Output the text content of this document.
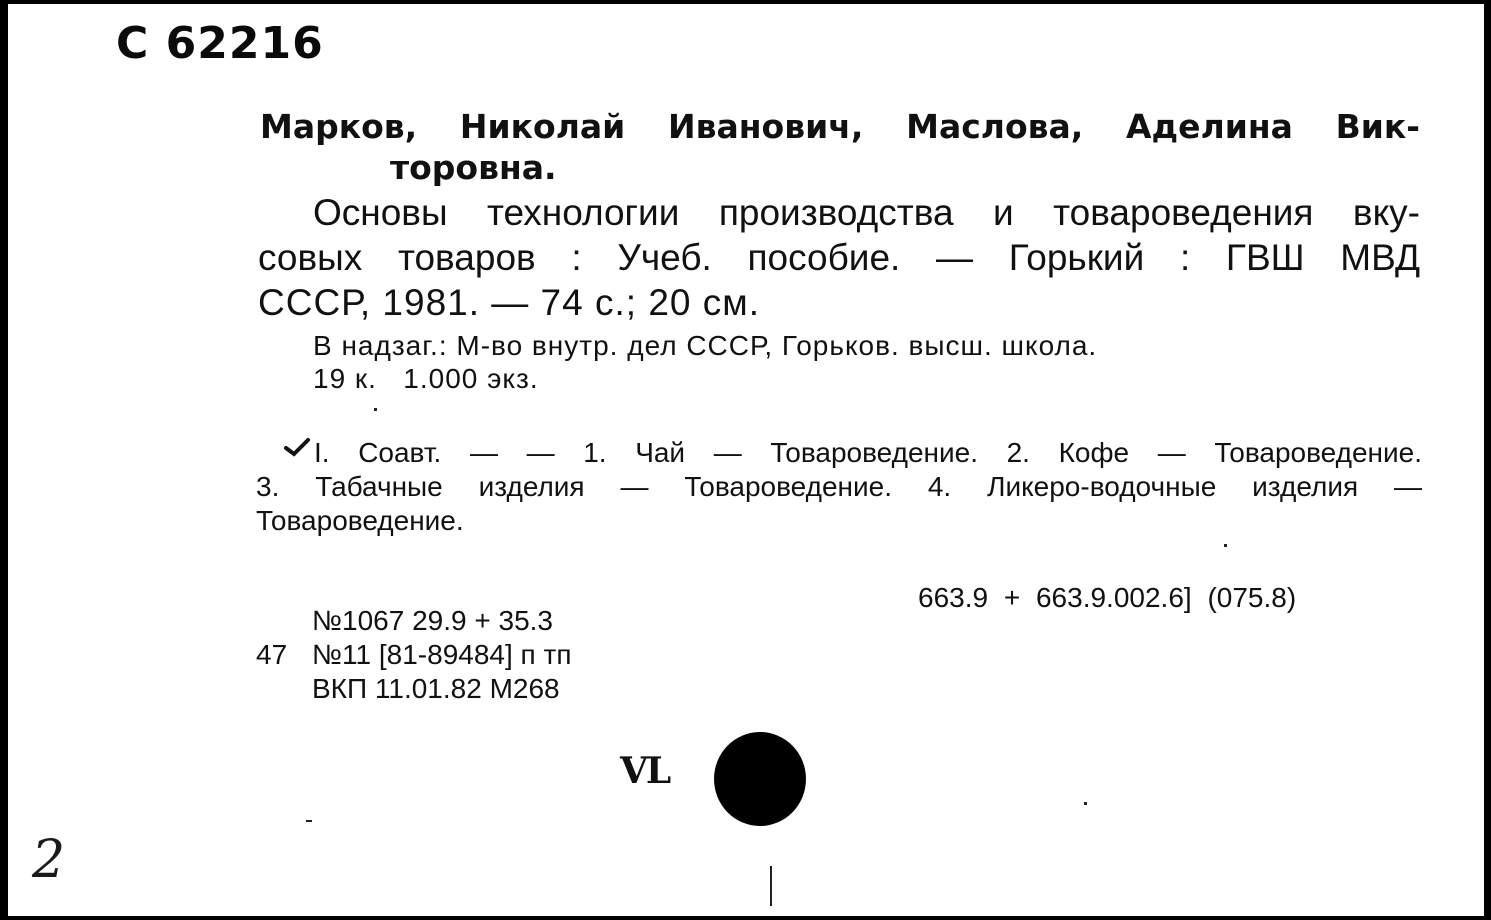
С 62216
Марков, Николай Иванович, Маслова, Аделина Вик-
торовна.
Основы технологии производства и товароведения вку-
совых товаров : Учеб. пособие. — Горький : ГВШ МВД
СССР, 1981. — 74 с.; 20 см.
В надзаг.: М-во внутр. дел СССР, Горьков. высш. школа.
19 к.   1.000 экз.
I. Соавт. — — 1. Чай — Товароведение. 2. Кофе — Товароведение.
3. Табачные изделия — Товароведение. 4. Ликеро-водочные изделия —
Товароведение.
663.9 + 663.9.002.6] (075.8)
№1067 29.9 + 35.3
47 №11 [81-89484] п тп
ВКП 11.01.82 М268
VL
2
